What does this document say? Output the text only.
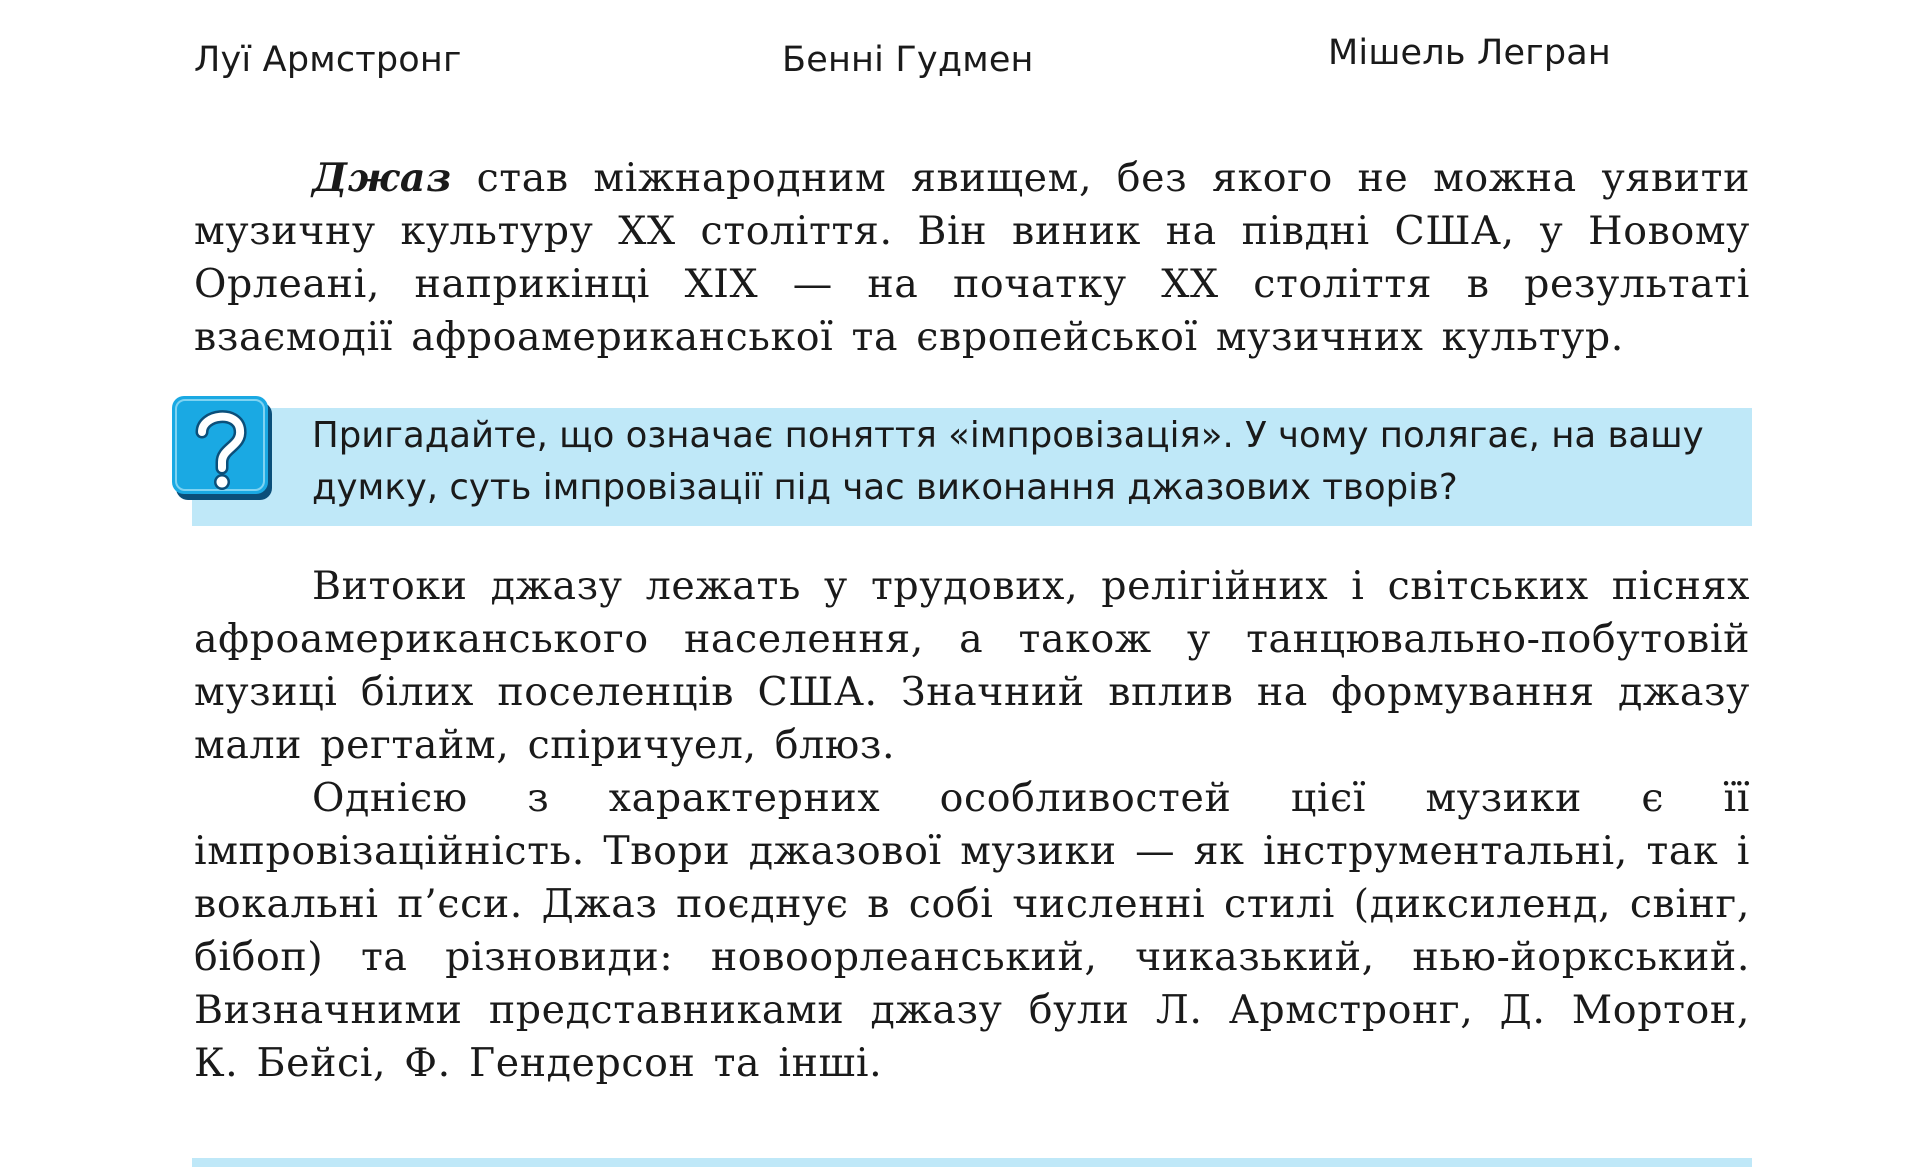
Луї Армстронг	Бенні Гудмен	Мішель Легран

Джаз став міжнародним явищем, без якого не можна уявити музичну культуру XX століття. Він виник на півдні США, у Новому Орлеані, наприкінці XIX — на початку XX століття в результаті взаємодії афроамериканської та європейської музичних культур.

Пригадайте, що означає поняття «імпровізація». У чому полягає, на вашу думку, суть імпровізації під час виконання джазових творів?

Витоки джазу лежать у трудових, релігійних і світських піснях афроамериканського населення, а також у танцювально-побутовій музиці білих поселенців США. Значний вплив на формування джазу мали регтайм, спіричуел, блюз.

Однією з характерних особливостей цієї музики є її імпровізаційність. Твори джазової музики — як інструментальні, так і вокальні п’єси. Джаз поєднує в собі численні стилі (диксиленд, свінг, бібоп) та різновиди: новоорлеанський, чиказький, нью-йоркський. Визначними представниками джазу були Л. Армстронг, Д. Мортон, К. Бейсі, Ф. Гендерсон та інші.
